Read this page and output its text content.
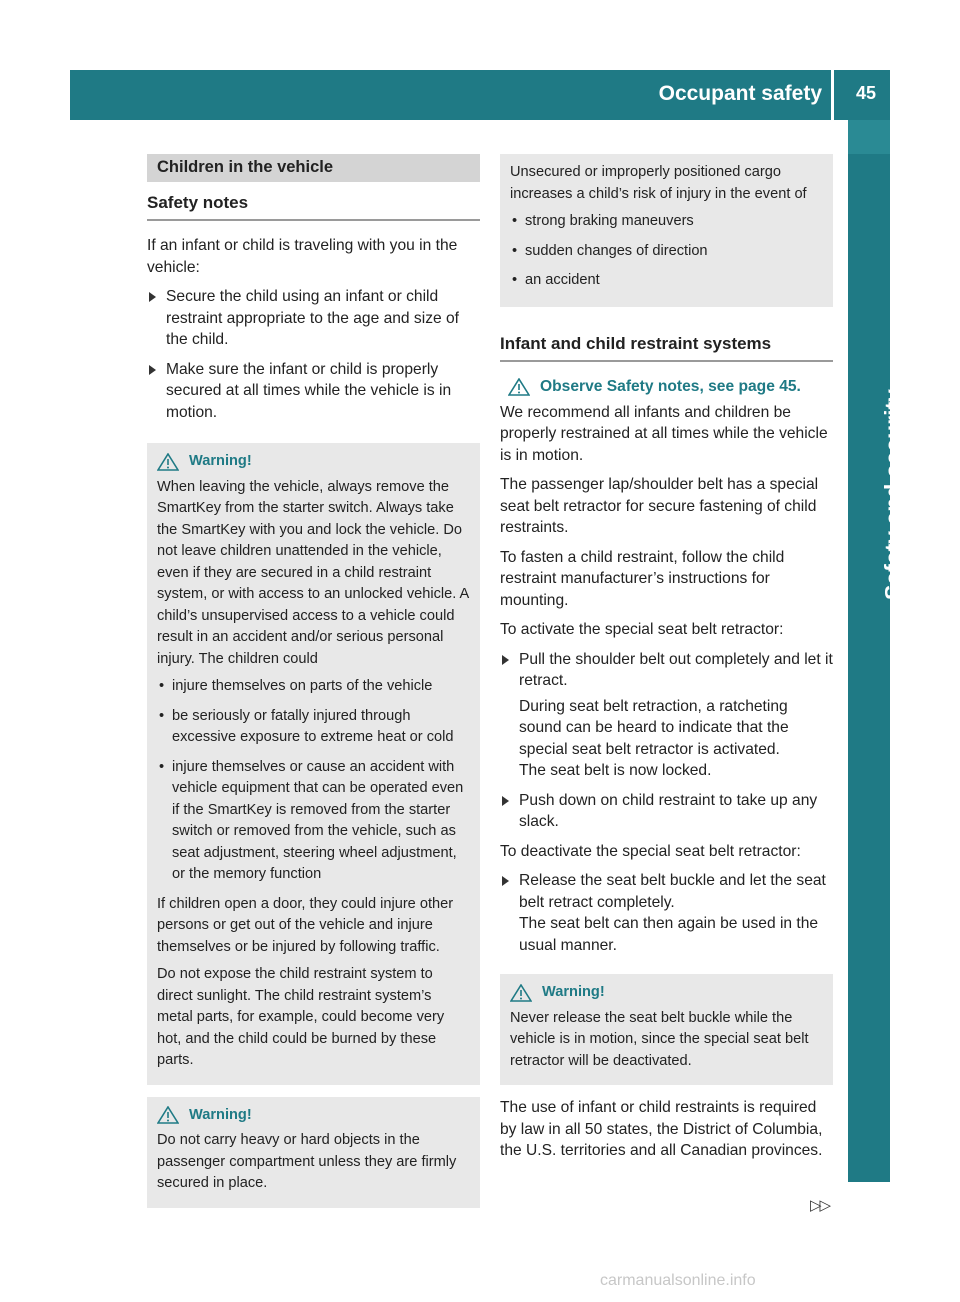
Occupant safety 45
Safety and security
Children in the vehicle
Safety notes

If an infant or child is traveling with you in the vehicle:

Secure the child using an infant or child restraint appropriate to the age and size of the child.
Make sure the infant or child is properly secured at all times while the vehicle is in motion.
Warning!

When leaving the vehicle, always remove the SmartKey from the starter switch. Always take the SmartKey with you and lock the vehicle. Do not leave children unattended in the vehicle, even if they are secured in a child restraint system, or with access to an unlocked vehicle. A child’s unsupervised access to a vehicle could result in an accident and/or serious personal injury. The children could

• injure themselves on parts of the vehicle
• be seriously or fatally injured through excessive exposure to extreme heat or cold
• injure themselves or cause an accident with vehicle equipment that can be operated even if the SmartKey is removed from the starter switch or removed from the vehicle, such as seat adjustment, steering wheel adjustment, or the memory function

If children open a door, they could injure other persons or get out of the vehicle and injure themselves or be injured by following traffic.

Do not expose the child restraint system to direct sunlight. The child restraint system’s metal parts, for example, could become very hot, and the child could be burned by these parts.

Warning!

Do not carry heavy or hard objects in the passenger compartment unless they are firmly secured in place.

Unsecured or improperly positioned cargo increases a child’s risk of injury in the event of

• strong braking maneuvers
• sudden changes of direction
• an accident
Infant and child restraint systems
Observe Safety notes, see page 45.

We recommend all infants and children be properly restrained at all times while the vehicle is in motion.

The passenger lap/shoulder belt has a special seat belt retractor for secure fastening of child restraints.

To fasten a child restraint, follow the child restraint manufacturer’s instructions for mounting.

To activate the special seat belt retractor:

Pull the shoulder belt out completely and let it retract.
During seat belt retraction, a ratcheting sound can be heard to indicate that the special seat belt retractor is activated.
The seat belt is now locked.
Push down on child restraint to take up any slack.

To deactivate the special seat belt retractor:

Release the seat belt buckle and let the seat belt retract completely.
The seat belt can then again be used in the usual manner.
Warning!

Never release the seat belt buckle while the vehicle is in motion, since the special seat belt retractor will be deactivated.

The use of infant or child restraints is required by law in all 50 states, the District of Columbia, the U.S. territories and all Canadian provinces.

▷▷
carmanualsonline.info
